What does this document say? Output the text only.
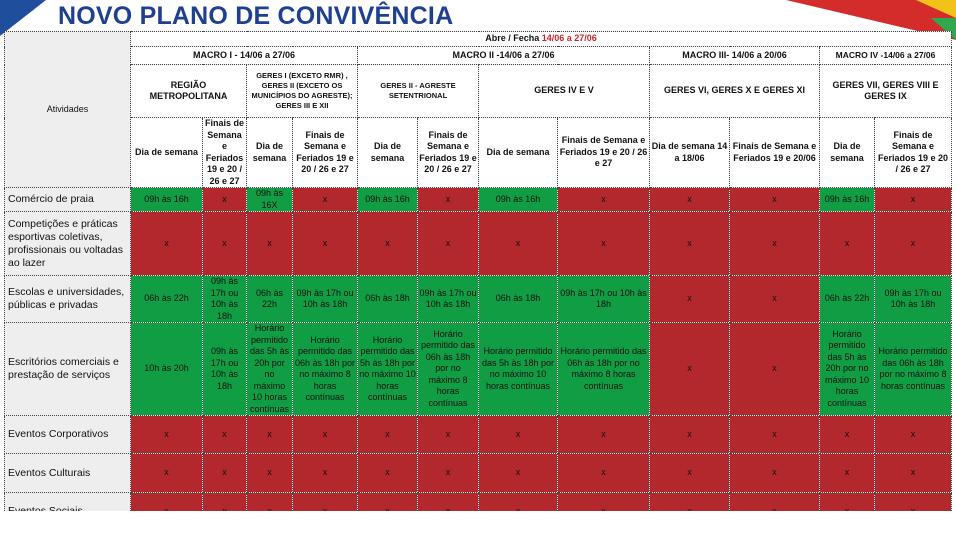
NOVO PLANO DE CONVIVÊNCIA
Atividades	Abre / Fecha 14/06 a 27/06											
	MACRO I - 14/06 a 27/06				MACRO II -14/06 a 27/06				MACRO III- 14/06 a 20/06		MACRO IV -14/06 a 27/06	
	REGIÃO METROPOLITANA		GERES I (EXCETO RMR) , GERES II (EXCETO OS MUNICÍPIOS DO AGRESTE); GERES III E XII		GERES II - AGRESTE SETENTRIONAL		GERES IV E V		GERES VI, GERES X E GERES XI		GERES VII, GERES VIII E GERES IX	
	Dia de semana	Finais de Semana e Feriados 19 e 20 / 26 e 27	Dia de semana	Finais de Semana e Feriados 19 e 20 / 26 e 27	Dia de semana	Finais de Semana e Feriados 19 e 20 / 26 e 27	Dia de semana	Finais de Semana e Feriados 19 e 20 / 26 e 27	Dia de semana 14 a 18/06	Finais de Semana e Feriados 19 e 20/06	Dia de semana	Finais de Semana e Feriados 19 e 20 / 26 e 27
Comércio de praia	09h às 16h	x	09h às 16X	x	09h às 16h	x	09h às 16h	x	x	x	09h às 16h	x
Competições e práticas esportivas coletivas, profissionais ou voltadas ao lazer	x	x	x	x	x	x	x	x	x	x	x	x
Escolas e universidades, públicas e privadas	06h às 22h	09h às 17h ou 10h às 18h	06h às 22h	09h às 17h ou 10h às 18h	06h às 18h	09h às 17h ou 10h às 18h	06h às 18h	09h às 17h ou 10h às 18h	x	x	06h às 22h	09h às 17h ou 10h às 18h
Escritórios comerciais e prestação de serviços	10h às 20h	09h às 17h ou 10h às 18h	Horário permitido das 5h às 20h por no máximo 10 horas contínuas	Horário permitido das 06h às 18h por no máximo 8 horas contínuas	Horário permitido das 5h às 18h por no máximo 10 horas contínuas	Horário permitido das 06h às 18h por no máximo 8 horas contínuas	Horário permitido das 5h às 18h por no máximo 10 horas contínuas	Horário permitido das 06h às 18h por no máximo 8 horas contínuas	x	x	Horário permitido das 5h às 20h por no máximo 10 horas contínuas	Horário permitido das 06h às 18h por no máximo 8 horas contínuas
Eventos Corporativos	x	x	x	x	x	x	x	x	x	x	x	x
Eventos Culturais	x	x	x	x	x	x	x	x	x	x	x	x
